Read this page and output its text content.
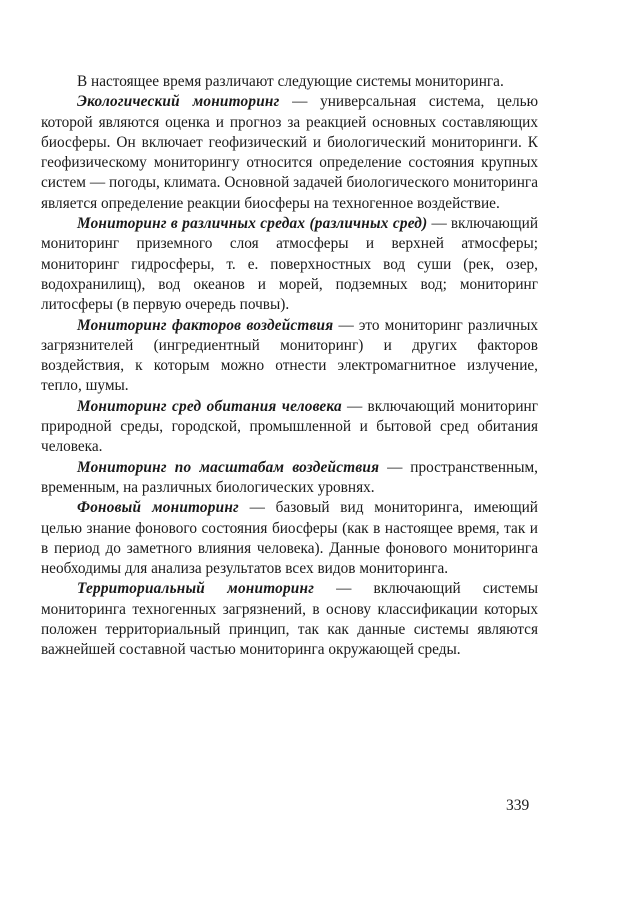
В настоящее время различают следующие системы мониторинга.

Экологический мониторинг — универсальная система, целью которой являются оценка и прогноз за реакцией основных составляющих биосферы. Он включает геофизический и биологический мониторинги. К геофизическому мониторингу относится определение состояния крупных систем — погоды, климата. Основной задачей биологического мониторинга является определение реакции биосферы на техногенное воздействие.

Мониторинг в различных средах (различных сред) — включающий мониторинг приземного слоя атмосферы и верхней атмосферы; мониторинг гидросферы, т. е. поверхностных вод суши (рек, озер, водохранилищ), вод океанов и морей, подземных вод; мониторинг литосферы (в первую очередь почвы).

Мониторинг факторов воздействия — это мониторинг различных загрязнителей (ингредиентный мониторинг) и других факторов воздействия, к которым можно отнести электромагнитное излучение, тепло, шумы.

Мониторинг сред обитания человека — включающий мониторинг природной среды, городской, промышленной и бытовой сред обитания человека.

Мониторинг по масштабам воздействия — пространственным, временным, на различных биологических уровнях.

Фоновый мониторинг — базовый вид мониторинга, имеющий целью знание фонового состояния биосферы (как в настоящее время, так и в период до заметного влияния человека). Данные фонового мониторинга необходимы для анализа результатов всех видов мониторинга.

Территориальный мониторинг — включающий системы мониторинга техногенных загрязнений, в основу классификации которых положен территориальный принцип, так как данные системы являются важнейшей составной частью мониторинга окружающей среды.

339
